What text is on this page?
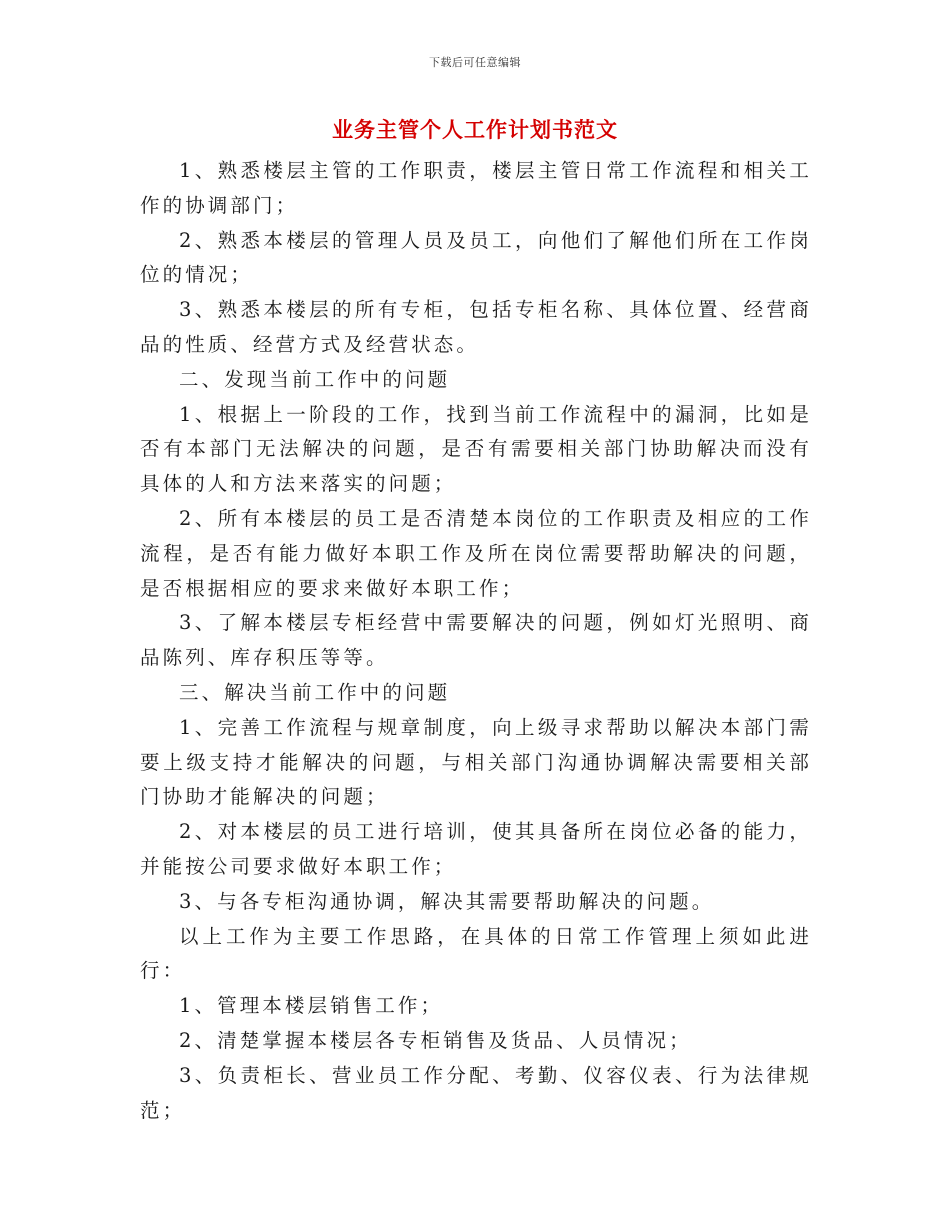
下载后可任意编辑
业务主管个人工作计划书范文

1、熟悉楼层主管的工作职责，楼层主管日常工作流程和相关工作的协调部门；

2、熟悉本楼层的管理人员及员工，向他们了解他们所在工作岗位的情况；

3、熟悉本楼层的所有专柜，包括专柜名称、具体位置、经营商品的性质、经营方式及经营状态。

二、发现当前工作中的问题

1、根据上一阶段的工作，找到当前工作流程中的漏洞，比如是否有本部门无法解决的问题，是否有需要相关部门协助解决而没有具体的人和方法来落实的问题；

2、所有本楼层的员工是否清楚本岗位的工作职责及相应的工作流程，是否有能力做好本职工作及所在岗位需要帮助解决的问题，是否根据相应的要求来做好本职工作；

3、了解本楼层专柜经营中需要解决的问题，例如灯光照明、商品陈列、库存积压等等。

三、解决当前工作中的问题

1、完善工作流程与规章制度，向上级寻求帮助以解决本部门需要上级支持才能解决的问题，与相关部门沟通协调解决需要相关部门协助才能解决的问题；

2、对本楼层的员工进行培训，使其具备所在岗位必备的能力，并能按公司要求做好本职工作；

3、与各专柜沟通协调，解决其需要帮助解决的问题。

以上工作为主要工作思路，在具体的日常工作管理上须如此进行：

1、管理本楼层销售工作；

2、清楚掌握本楼层各专柜销售及货品、人员情况；

3、负责柜长、营业员工作分配、考勤、仪容仪表、行为法律规范；
